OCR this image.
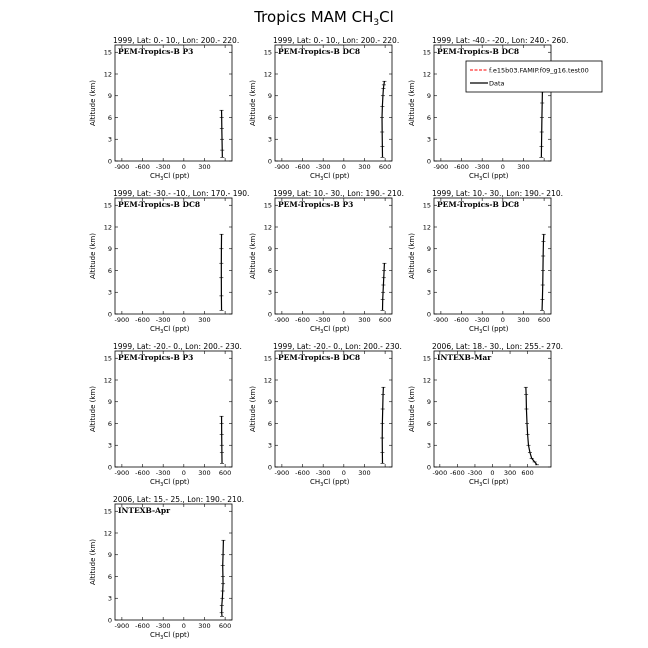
Tropics MAM $CH_3Cl$
1999, Lat: 0.- 10., Lon: 200.- 220.
PEM-Tropics-B P3
-900 -600 -300 0 300
0
3
6
9
12
15
$CH_3Cl$ (ppt)
Altitude (km)
1999, Lat: 0.- 10., Lon: 200.- 220.
PEM-Tropics-B DC8
-900 -600 -300 0 300 600
0
3
6
9
12
15
$CH_3Cl$ (ppt)
Altitude (km)
1999, Lat: -40.- -20., Lon: 240.- 260.
PEM-Tropics-B DC8
-900 -600 -300 0 300
0
3
6
9
12
15
$CH_3Cl$ (ppt)
Altitude (km)
1999, Lat: -30.- -10., Lon: 170.- 190.
PEM-Tropics-B DC8
-900 -600 -300 0 300
0
3
6
9
12
15
$CH_3Cl$ (ppt)
Altitude (km)
1999, Lat: 10.- 30., Lon: 190.- 210.
PEM-Tropics-B P3
-900 -600 -300 0 300 600
0
3
6
9
12
15
$CH_3Cl$ (ppt)
Altitude (km)
1999, Lat: 10.- 30., Lon: 190.- 210.
PEM-Tropics-B DC8
-900 -600 -300 0 300 600
0
3
6
9
12
15
$CH_3Cl$ (ppt)
Altitude (km)
1999, Lat: -20.- 0., Lon: 200.- 230.
PEM-Tropics-B P3
-900 -600 -300 0 300 600
0
3
6
9
12
15
$CH_3Cl$ (ppt)
Altitude (km)
1999, Lat: -20.- 0., Lon: 200.- 230.
PEM-Tropics-B DC8
-900 -600 -300 0 300
0
3
6
9
12
15
$CH_3Cl$ (ppt)
Altitude (km)
2006, Lat: 18.- 30., Lon: 255.- 270.
INTEXB-Mar
-900 -600 -300 0 300 600
0
3
6
9
12
15
$CH_3Cl$ (ppt)
Altitude (km)
2006, Lat: 15.- 25., Lon: 190.- 210.
INTEXB-Apr
-900 -600 -300 0 300 600
0
3
6
9
12
15
$CH_3Cl$ (ppt)
Altitude (km)
f.e15b03.FAMIP.f09_g16.test00
Data
